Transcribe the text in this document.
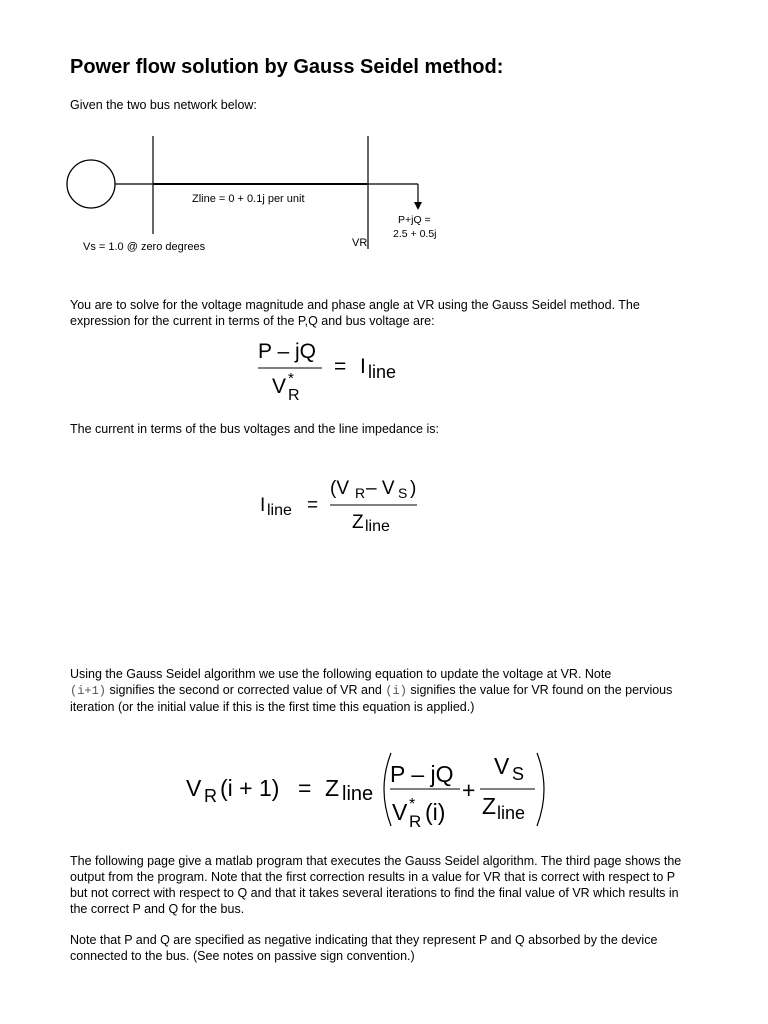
Power flow solution by Gauss Seidel method:
Given the two bus network below:
Zline = 0 + 0.1j per unit
P+jQ =
2.5 + 0.5j
Vs = 1.0 @ zero degrees	VR
You are to solve for the voltage magnitude and phase angle at VR using the Gauss Seidel method. The expression for the current in terms of the P,Q and bus voltage are:
P – jQ
V *
R
= I line
The current in terms of the bus voltages and the line impedance is:
I line =
(V R – V S )
Z line
Using the Gauss Seidel algorithm we use the following equation to update the voltage at VR. Note
(i+1) signifies the second or corrected value of VR and (i) signifies the value for VR found on the pervious iteration (or the initial value if this is the first time this equation is applied.)
V R (i + 1) = Z line
P – jQ
V *
R (i)
+
V S
Z line
The following page give a matlab program that executes the Gauss Seidel algorithm. The third page shows the output from the program. Note that the first correction results in a value for VR that is correct with respect to P but not correct with respect to Q and that it takes several iterations to find the final value of VR which results in the correct P and Q for the bus.
Note that P and Q are specified as negative indicating that they represent P and Q absorbed by the device connected to the bus. (See notes on passive sign convention.)
